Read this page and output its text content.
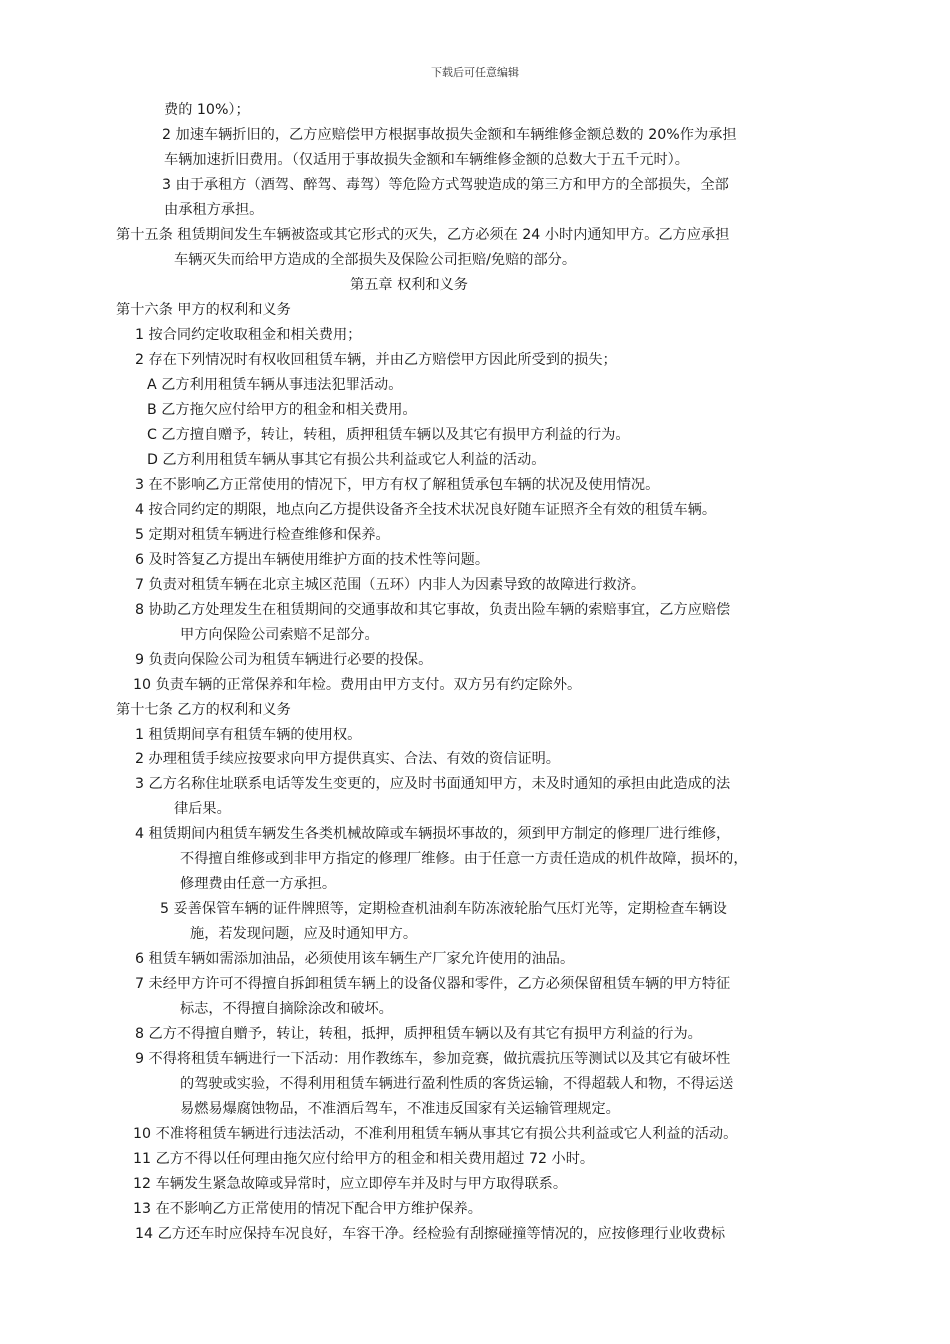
下载后可任意编辑
费的 10%）；
2 加速车辆折旧的，乙方应赔偿甲方根据事故损失金额和车辆维修金额总数的 20%作为承担
车辆加速折旧费用。（仅适用于事故损失金额和车辆维修金额的总数大于五千元时）。
3 由于承租方（酒驾、醉驾、毒驾）等危险方式驾驶造成的第三方和甲方的全部损失，全部
由承租方承担。
第十五条 租赁期间发生车辆被盗或其它形式的灭失，乙方必须在 24 小时内通知甲方。乙方应承担
车辆灭失而给甲方造成的全部损失及保险公司拒赔/免赔的部分。
第五章 权利和义务
第十六条 甲方的权利和义务
1 按合同约定收取租金和相关费用；
2 存在下列情况时有权收回租赁车辆，并由乙方赔偿甲方因此所受到的损失；
A 乙方利用租赁车辆从事违法犯罪活动。
B 乙方拖欠应付给甲方的租金和相关费用。
C 乙方擅自赠予，转让，转租，质押租赁车辆以及其它有损甲方利益的行为。
D 乙方利用租赁车辆从事其它有损公共利益或它人利益的活动。
3 在不影响乙方正常使用的情况下，甲方有权了解租赁承包车辆的状况及使用情况。
4 按合同约定的期限，地点向乙方提供设备齐全技术状况良好随车证照齐全有效的租赁车辆。
5 定期对租赁车辆进行检查维修和保养。
6 及时答复乙方提出车辆使用维护方面的技术性等问题。
7 负责对租赁车辆在北京主城区范围（五环）内非人为因素导致的故障进行救济。
8 协助乙方处理发生在租赁期间的交通事故和其它事故，负责出险车辆的索赔事宜，乙方应赔偿
甲方向保险公司索赔不足部分。
9 负责向保险公司为租赁车辆进行必要的投保。
10 负责车辆的正常保养和年检。费用由甲方支付。双方另有约定除外。
第十七条 乙方的权利和义务
1 租赁期间享有租赁车辆的使用权。
2 办理租赁手续应按要求向甲方提供真实、合法、有效的资信证明。
3 乙方名称住址联系电话等发生变更的，应及时书面通知甲方，未及时通知的承担由此造成的法
律后果。
4 租赁期间内租赁车辆发生各类机械故障或车辆损坏事故的，须到甲方制定的修理厂进行维修，
不得擅自维修或到非甲方指定的修理厂维修。由于任意一方责任造成的机件故障，损坏的，
修理费由任意一方承担。
5 妥善保管车辆的证件牌照等，定期检查机油刹车防冻液轮胎气压灯光等，定期检查车辆设
施，若发现问题，应及时通知甲方。
6 租赁车辆如需添加油品，必须使用该车辆生产厂家允许使用的油品。
7 未经甲方许可不得擅自拆卸租赁车辆上的设备仪器和零件，乙方必须保留租赁车辆的甲方特征
标志，不得擅自摘除涂改和破坏。
8 乙方不得擅自赠予，转让，转租，抵押，质押租赁车辆以及有其它有损甲方利益的行为。
9 不得将租赁车辆进行一下活动：用作教练车，参加竞赛，做抗震抗压等测试以及其它有破坏性
的驾驶或实验，不得利用租赁车辆进行盈利性质的客货运输，不得超载人和物，不得运送
易燃易爆腐蚀物品，不准酒后驾车，不准违反国家有关运输管理规定。
10 不准将租赁车辆进行违法活动，不准利用租赁车辆从事其它有损公共利益或它人利益的活动。
11 乙方不得以任何理由拖欠应付给甲方的租金和相关费用超过 72 小时。
12 车辆发生紧急故障或异常时，应立即停车并及时与甲方取得联系。
13 在不影响乙方正常使用的情况下配合甲方维护保养。
14 乙方还车时应保持车况良好，车容干净。经检验有刮擦碰撞等情况的，应按修理行业收费标
